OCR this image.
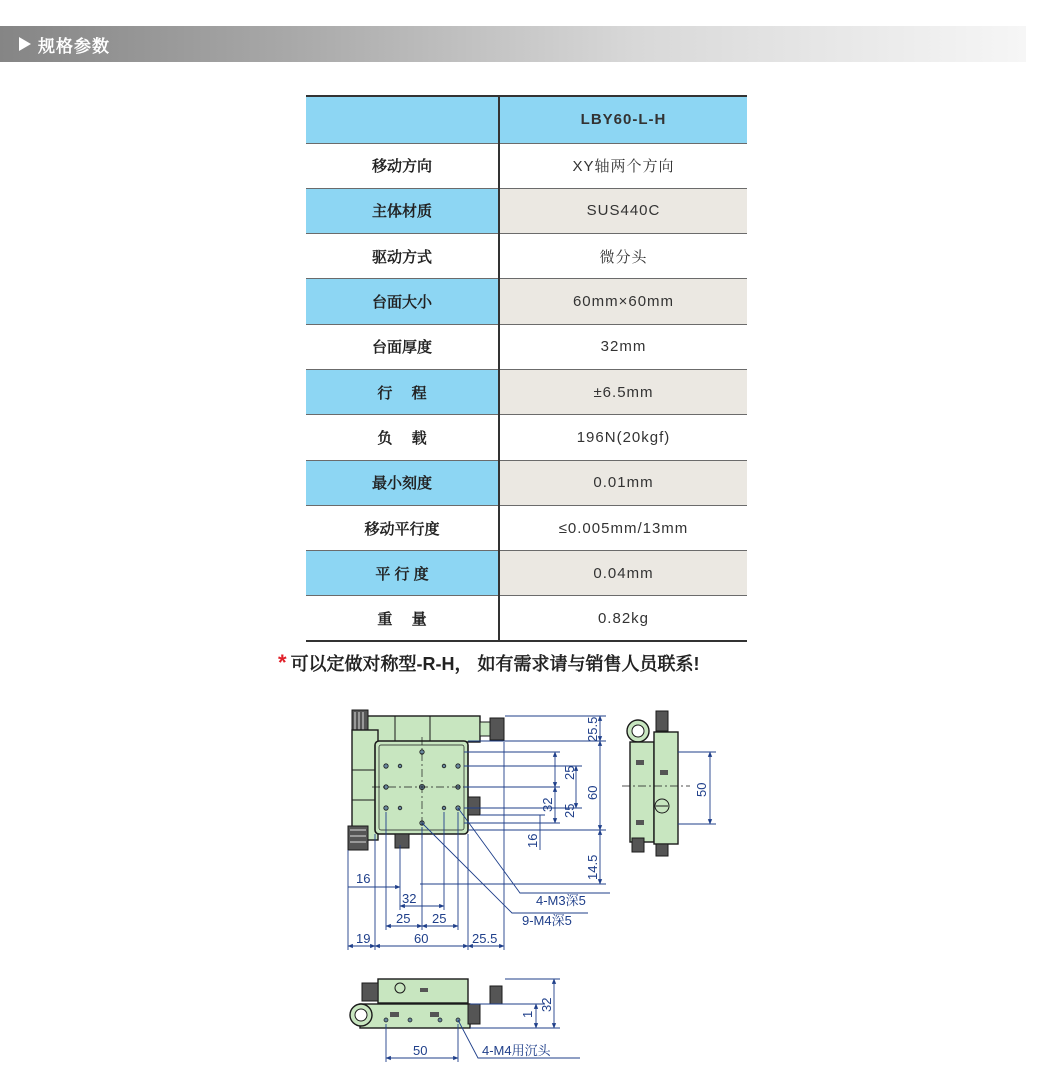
规格参数
	LBY60-L-H
移动方向	XY轴两个方向
主体材质	SUS440C
驱动方式	微分头
台面大小	60mm×60mm
台面厚度	32mm
行　 程	±6.5mm
负　 载	196N(20kgf)
最小刻度	0.01mm
移动平行度	≤0.005mm/13mm
平 行 度	0.04mm
重　 量	0.82kg
* 可以定做对称型-R-H， 如有需求请与销售人员联系!
25.5
60
14.5
25
32 25
16
16
32
25 25
19	60	25.5
4-M3深5
9-M4深5
50
32
1
50	4-M4用沉头
